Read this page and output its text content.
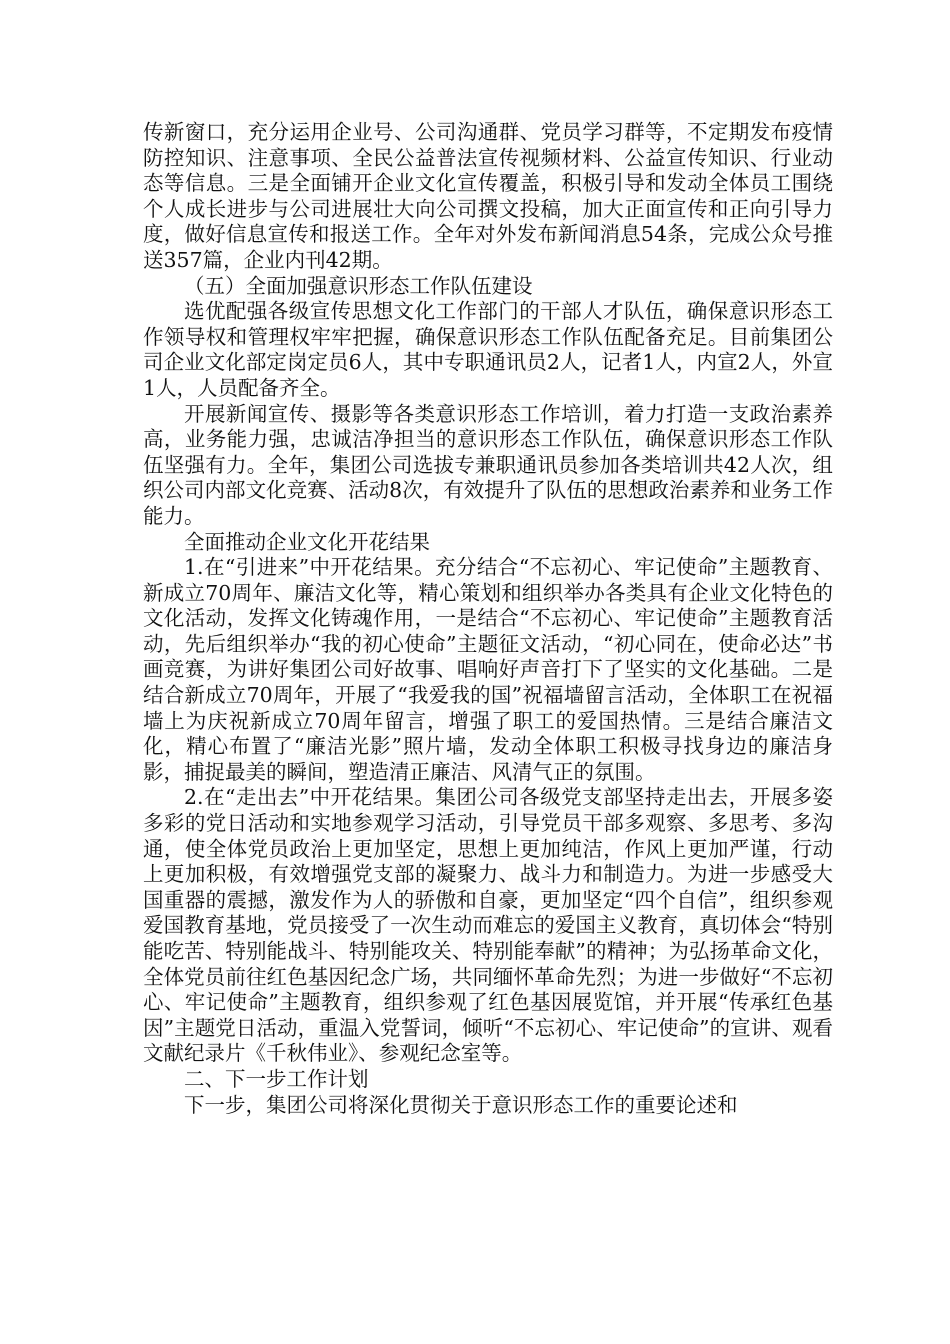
传新窗口，充分运用企业号、公司沟通群、党员学习群等，不定期发布疫情防控知识、注意事项、全民公益普法宣传视频材料、公益宣传知识、行业动态等信息。三是全面铺开企业文化宣传覆盖，积极引导和发动全体员工围绕个人成长进步与公司进展壮大向公司撰文投稿，加大正面宣传和正向引导力度，做好信息宣传和报送工作。全年对外发布新闻消息54条，完成公众号推送357篇，企业内刊42期。

（五）全面加强意识形态工作队伍建设

选优配强各级宣传思想文化工作部门的干部人才队伍，确保意识形态工作领导权和管理权牢牢把握，确保意识形态工作队伍配备充足。目前集团公司企业文化部定岗定员6人，其中专职通讯员2人，记者1人，内宣2人，外宣1人，人员配备齐全。

开展新闻宣传、摄影等各类意识形态工作培训，着力打造一支政治素养高，业务能力强，忠诚洁净担当的意识形态工作队伍，确保意识形态工作队伍坚强有力。全年，集团公司选拔专兼职通讯员参加各类培训共42人次，组织公司内部文化竞赛、活动8次，有效提升了队伍的思想政治素养和业务工作能力。

全面推动企业文化开花结果

1.在“引进来”中开花结果。充分结合“不忘初心、牢记使命”主题教育、新成立70周年、廉洁文化等，精心策划和组织举办各类具有企业文化特色的文化活动，发挥文化铸魂作用，一是结合“不忘初心、牢记使命”主题教育活动，先后组织举办“我的初心使命”主题征文活动，“初心同在，使命必达”书画竞赛，为讲好集团公司好故事、唱响好声音打下了坚实的文化基础。二是结合新成立70周年，开展了“我爱我的国”祝福墙留言活动，全体职工在祝福墙上为庆祝新成立70周年留言，增强了职工的爱国热情。三是结合廉洁文化，精心布置了“廉洁光影”照片墙，发动全体职工积极寻找身边的廉洁身影，捕捉最美的瞬间，塑造清正廉洁、风清气正的氛围。

2.在“走出去”中开花结果。集团公司各级党支部坚持走出去，开展多姿多彩的党日活动和实地参观学习活动，引导党员干部多观察、多思考、多沟通，使全体党员政治上更加坚定，思想上更加纯洁，作风上更加严谨，行动上更加积极，有效增强党支部的凝聚力、战斗力和制造力。为进一步感受大国重器的震撼，激发作为人的骄傲和自豪，更加坚定“四个自信”，组织参观爱国教育基地，党员接受了一次生动而难忘的爱国主义教育，真切体会“特别能吃苦、特别能战斗、特别能攻关、特别能奉献”的精神；为弘扬革命文化，全体党员前往红色基因纪念广场，共同缅怀革命先烈；为进一步做好“不忘初心、牢记使命”主题教育，组织参观了红色基因展览馆，并开展“传承红色基因”主题党日活动，重温入党誓词，倾听“不忘初心、牢记使命”的宣讲、观看文献纪录片《千秋伟业》、参观纪念室等。

二、下一步工作计划

下一步，集团公司将深化贯彻关于意识形态工作的重要论述和
